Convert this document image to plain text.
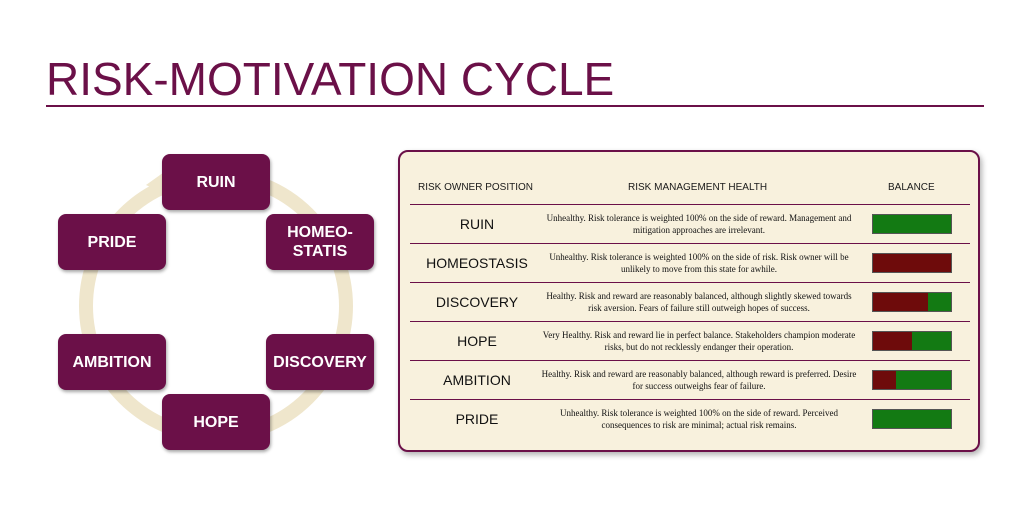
RISK-MOTIVATION CYCLE
RUIN
HOMEO-
STATIS
DISCOVERY
HOPE
AMBITION
PRIDE
RISK OWNER POSITION	RISK MANAGEMENT HEALTH	BALANCE
RUIN	Unhealthy. Risk tolerance is weighted 100% on the side of reward. Management and mitigation approaches are irrelevant.
HOMEOSTASIS	Unhealthy. Risk tolerance is weighted 100% on the side of risk. Risk owner will be unlikely to move from this state for awhile.
DISCOVERY	Healthy. Risk and reward are reasonably balanced, although slightly skewed towards risk aversion. Fears of failure still outweigh hopes of success.
HOPE	Very Healthy. Risk and reward lie in perfect balance. Stakeholders champion moderate risks, but do not recklessly endanger their operation.
AMBITION	Healthy. Risk and reward are reasonably balanced, although reward is preferred. Desire for success outweighs fear of failure.
PRIDE	Unhealthy. Risk tolerance is weighted 100% on the side of reward. Perceived consequences to risk are minimal; actual risk remains.
